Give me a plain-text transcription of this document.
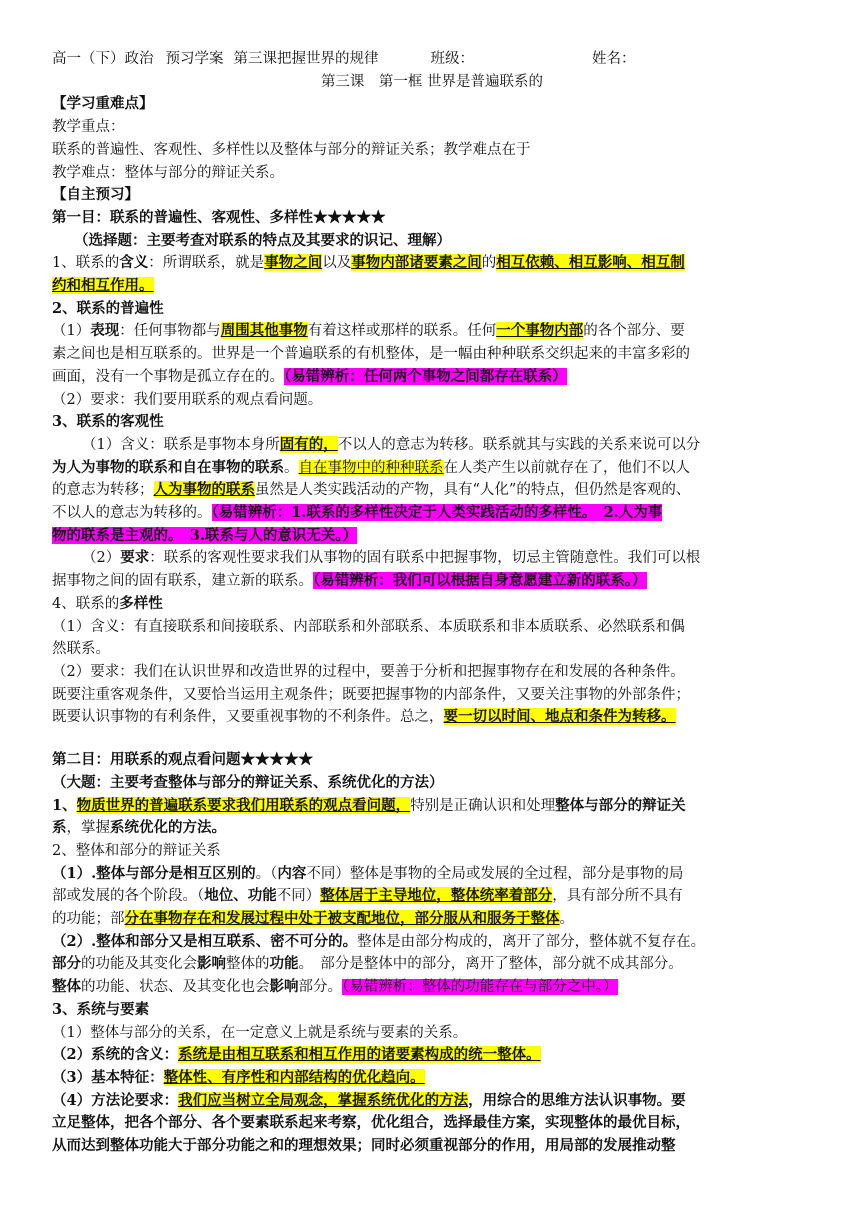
高一（下）政治 预习学案 第三课把握世界的规律	班级：	姓名：
第三课　第一框 世界是普遍联系的
【学习重难点】
教学重点：
联系的普遍性、客观性、多样性以及整体与部分的辩证关系；教学难点在于
教学难点：整体与部分的辩证关系。
【自主预习】
第一目：联系的普遍性、客观性、多样性★★★★★
（选择题：主要考查对联系的特点及其要求的识记、理解）
1、联系的含义：所谓联系，就是事物之间以及事物内部诸要素之间的相互依赖、相互影响、相互制
约和相互作用。
2、联系的普遍性
（1）表现：任何事物都与周围其他事物有着这样或那样的联系。任何一个事物内部的各个部分、要
素之间也是相互联系的。世界是一个普遍联系的有机整体，是一幅由种种联系交织起来的丰富多彩的
画面，没有一个事物是孤立存在的。（易错辨析：任何两个事物之间都存在联系）
（2）要求：我们要用联系的观点看问题。
3、联系的客观性
（1）含义：联系是事物本身所固有的，不以人的意志为转移。联系就其与实践的关系来说可以分
为人为事物的联系和自在事物的联系。自在事物中的种种联系在人类产生以前就存在了，他们不以人
的意志为转移；人为事物的联系虽然是人类实践活动的产物，具有“人化”的特点，但仍然是客观的、
不以人的意志为转移的。（易错辨析：1.联系的多样性决定于人类实践活动的多样性。　2.人为事
物的联系是主观的。　3.联系与人的意识无关。）
（2）要求：联系的客观性要求我们从事物的固有联系中把握事物，切忌主管随意性。我们可以根
据事物之间的固有联系，建立新的联系。（易错辨析：我们可以根据自身意愿建立新的联系。）
4、联系的多样性
（1）含义：有直接联系和间接联系、内部联系和外部联系、本质联系和非本质联系、必然联系和偶
然联系。
（2）要求：我们在认识世界和改造世界的过程中，要善于分析和把握事物存在和发展的各种条件。
既要注重客观条件，又要恰当运用主观条件；既要把握事物的内部条件，又要关注事物的外部条件；
既要认识事物的有利条件，又要重视事物的不利条件。总之，要一切以时间、地点和条件为转移。
第二目：用联系的观点看问题★★★★★
（大题：主要考查整体与部分的辩证关系、系统优化的方法）
1、物质世界的普遍联系要求我们用联系的观点看问题，特别是正确认识和处理整体与部分的辩证关
系，掌握系统优化的方法。
2、整体和部分的辩证关系
（1）.整体与部分是相互区别的。（内容不同）整体是事物的全局或发展的全过程，部分是事物的局
部或发展的各个阶段。（地位、功能不同）整体居于主导地位，整体统率着部分，具有部分所不具有
的功能；部分在事物存在和发展过程中处于被支配地位，部分服从和服务于整体。
（2）.整体和部分又是相互联系、密不可分的。整体是由部分构成的，离开了部分，整体就不复存在。
部分的功能及其变化会影响整体的功能。　部分是整体中的部分，离开了整体，部分就不成其部分。
整体的功能、状态、及其变化也会影响部分。（易错辨析：整体的功能存在与部分之中。）
3、系统与要素
（1）整体与部分的关系，在一定意义上就是系统与要素的关系。
（2）系统的含义：系统是由相互联系和相互作用的诸要素构成的统一整体。
（3）基本特征：整体性、有序性和内部结构的优化趋向。
（4）方法论要求：我们应当树立全局观念，掌握系统优化的方法，用综合的思维方法认识事物。要
立足整体，把各个部分、各个要素联系起来考察，优化组合，选择最佳方案，实现整体的最优目标，
从而达到整体功能大于部分功能之和的理想效果；同时必须重视部分的作用，用局部的发展推动整
